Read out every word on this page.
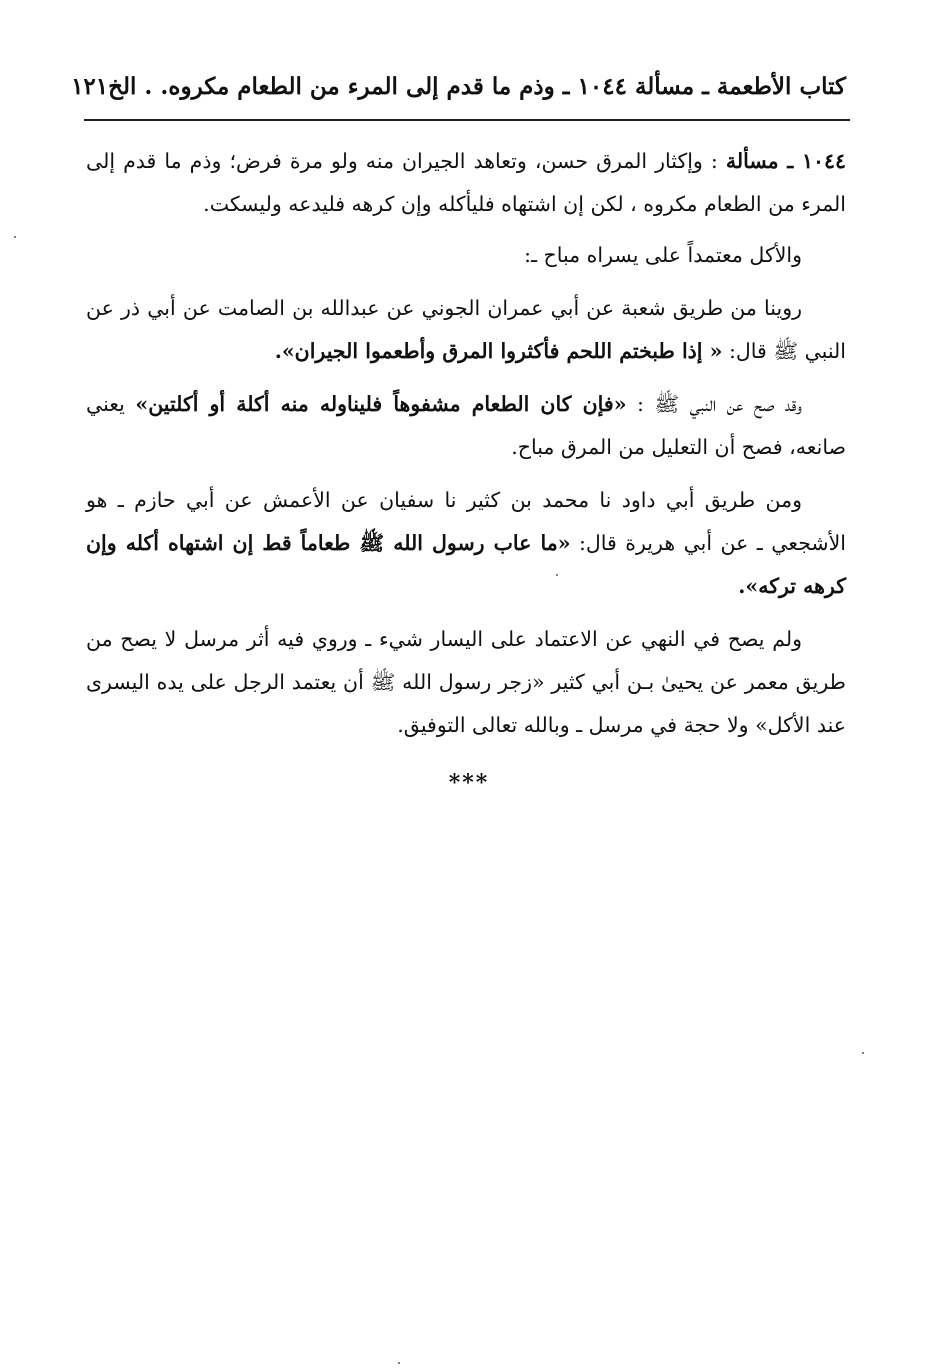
كتاب الأطعمة ـ مسألة ١٠٤٤ ـ وذم ما قدم إلى المرء من الطعام مكروه. . الخ
١٢١

١٠٤٤ ـ مسألة : وإكثار المرق حسن، وتعاهد الجيران منه ولو مرة فرض؛ وذم ما قدم إلى المرء من الطعام مكروه ، لكن إن اشتهاه فليأكله وإن كرهه فليدعه وليسكت.

والأكل معتمداً على يسراه مباح ـ:

روينا من طريق شعبة عن أبي عمران الجوني عن عبدالله بن الصامت عن أبي ذر عن النبي ﷺ قال: « إذا طبختم اللحم فأكثروا المرق وأطعموا الجيران».

وقد صح عن النبي ﷺ : «فإن كان الطعام مشفوهاً فليناوله منه أكلة أو أكلتين» يعني صانعه، فصح أن التعليل من المرق مباح.

ومن طريق أبي داود نا محمد بن كثير نا سفيان عن الأعمش عن أبي حازم ـ هو الأشجعي ـ عن أبي هريرة قال: «ما عاب رسول الله ﷺ طعاماً قط إن اشتهاه أكله وإن كرهه تركه».

ولم يصح في النهي عن الاعتماد على اليسار شيء ـ وروي فيه أثر مرسل لا يصح من طريق معمر عن يحيىٰ بـن أبي كثير «زجر رسول الله ﷺ أن يعتمد الرجل على يده اليسرى عند الأكل» ولا حجة في مرسل ـ وبالله تعالى التوفيق.

***
